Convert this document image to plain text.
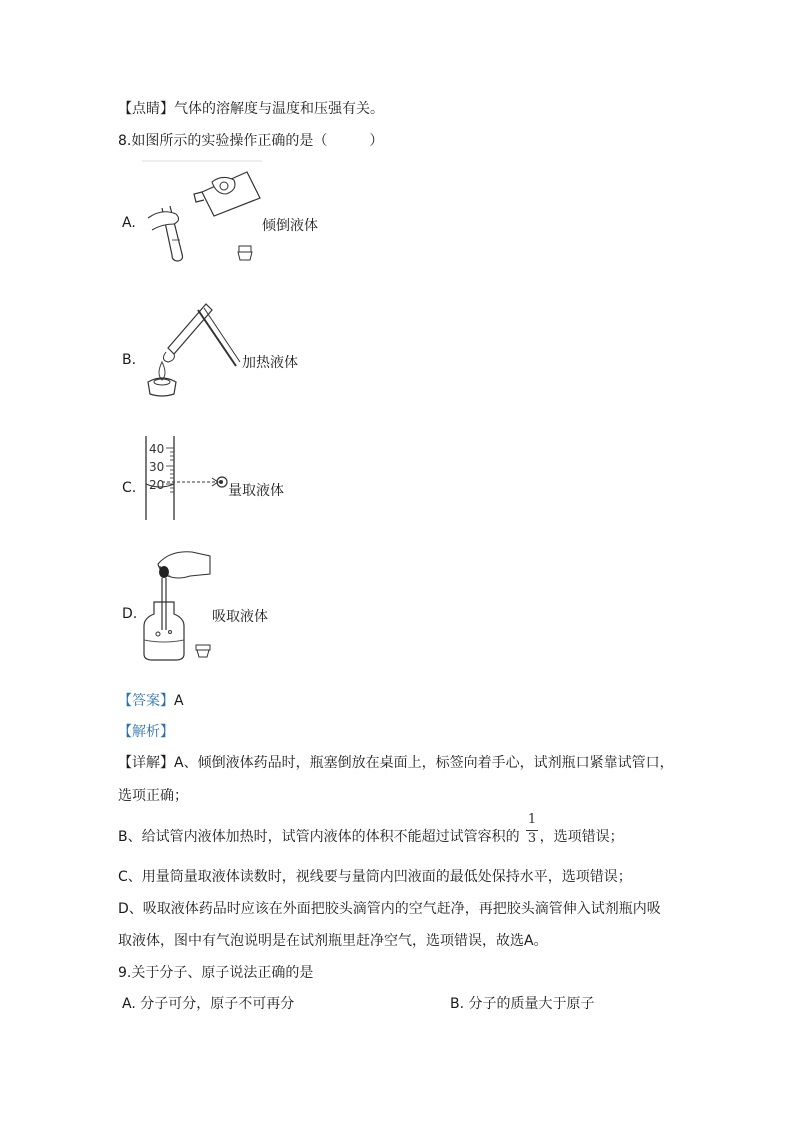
【点睛】气体的溶解度与温度和压强有关。
8.如图所示的实验操作正确的是（　　　）
A.	倾倒液体
B.	加热液体
C.
40
30
20	量取液体
D.	吸取液体
【答案】A
【解析】
【详解】A、倾倒液体药品时，瓶塞倒放在桌面上，标签向着手心，试剂瓶口紧靠试管口，
选项正确；
B、给试管内液体加热时，试管内液体的体积不能超过试管容积的 ，选项错误；
1
3
C、用量筒量取液体读数时，视线要与量筒内凹液面的最低处保持水平，选项错误；
D、吸取液体药品时应该在外面把胶头滴管内的空气赶净，再把胶头滴管伸入试剂瓶内吸
取液体，图中有气泡说明是在试剂瓶里赶净空气，选项错误，故选A。
9.关于分子、原子说法正确的是
A. 分子可分，原子不可再分	B. 分子的质量大于原子
